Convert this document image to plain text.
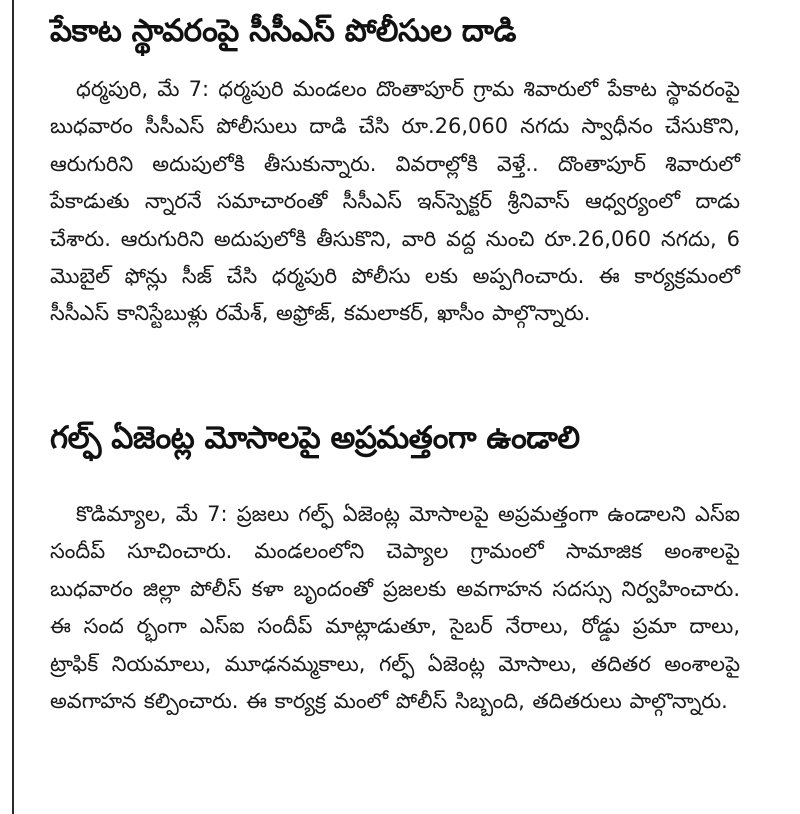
పేకాట స్థావరంపై సీసీఎస్ పోలీసుల దాడి

ధర్మపురి, మే 7: ధర్మపురి మండలం దొంతాపూర్ గ్రామ శివారులో పేకాట స్థావరంపై బుధవారం సీసీఎస్ పోలీసులు దాడి చేసి రూ.26,060 నగదు స్వాధీనం చేసుకొని, ఆరుగురిని అదుపులోకి తీసుకున్నారు. వివరాల్లోకి వెళ్తే.. దొంతాపూర్ శివారులో పేకాడుతు న్నారనే సమాచారంతో సీసీఎస్ ఇన్‌స్పెక్టర్ శ్రీనివాస్ ఆధ్వర్యంలో దాడు చేశారు. ఆరుగురిని అదుపులోకి తీసుకొని, వారి వద్ద నుంచి రూ.26,060 నగదు, 6 మొబైల్ ఫోన్లు సీజ్ చేసి ధర్మపురి పోలీసు లకు అప్పగించారు. ఈ కార్యక్రమంలో సీసీఎస్ కానిస్టేబుళ్లు రమేశ్, అఫ్రోజ్, కమలాకర్, ఖాసీం పాల్గొన్నారు.

గల్ఫ్ ఏజెంట్ల మోసాలపై అప్రమత్తంగా ఉండాలి

కొడిమ్యాల, మే 7: ప్రజలు గల్ఫ్ ఏజెంట్ల మోసాలపై అప్రమత్తంగా ఉండాలని ఎస్ఐ సందీప్ సూచించారు. మండలంలోని చెప్యాల గ్రామంలో సామాజిక అంశాలపై బుధవారం జిల్లా పోలీస్ కళా బృందంతో ప్రజలకు అవగాహన సదస్సు నిర్వహించారు. ఈ సంద ర్భంగా ఎస్ఐ సందీప్ మాట్లాడుతూ, సైబర్ నేరాలు, రోడ్డు ప్రమా దాలు, ట్రాఫిక్ నియమాలు, మూఢనమ్మకాలు, గల్ఫ్ ఏజెంట్ల మోసాలు, తదితర అంశాలపై అవగాహన కల్పించారు. ఈ కార్యక్ర మంలో పోలీస్ సిబ్బంది, తదితరులు పాల్గొన్నారు.
